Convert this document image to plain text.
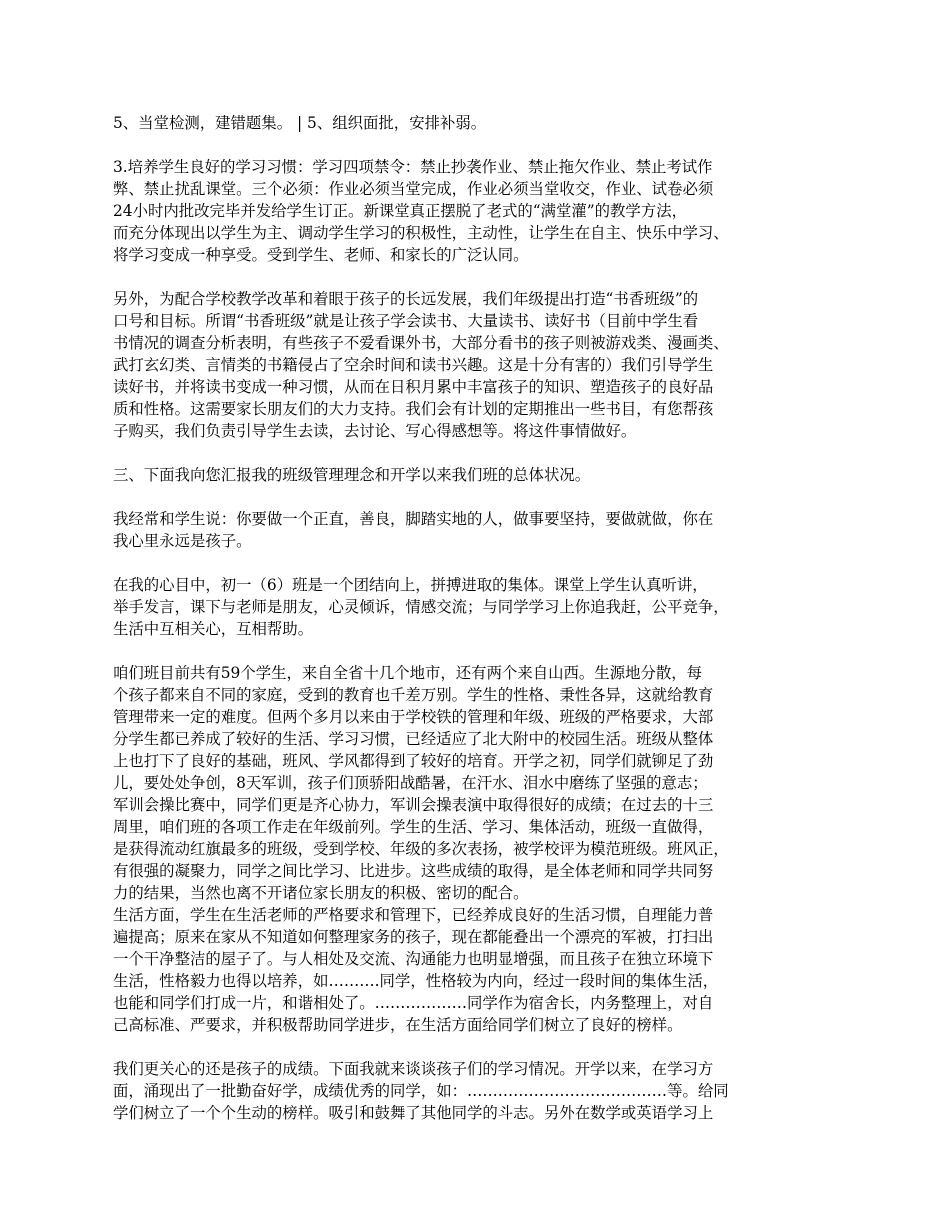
5、当堂检测，建错题集。 | 5、组织面批，安排补弱。
3.培养学生良好的学习习惯：学习四项禁令：禁止抄袭作业、禁止拖欠作业、禁止考试作
弊、禁止扰乱课堂。三个必须：作业必须当堂完成，作业必须当堂收交，作业、试卷必须
24小时内批改完毕并发给学生订正。新课堂真正摆脱了老式的“满堂灌”的教学方法，
而充分体现出以学生为主、调动学生学习的积极性，主动性，让学生在自主、快乐中学习、
将学习变成一种享受。受到学生、老师、和家长的广泛认同。
另外，为配合学校教学改革和着眼于孩子的长远发展，我们年级提出打造“书香班级”的
口号和目标。所谓“书香班级”就是让孩子学会读书、大量读书、读好书（目前中学生看
书情况的调查分析表明，有些孩子不爱看课外书，大部分看书的孩子则被游戏类、漫画类、
武打玄幻类、言情类的书籍侵占了空余时间和读书兴趣。这是十分有害的）我们引导学生
读好书，并将读书变成一种习惯，从而在日积月累中丰富孩子的知识、塑造孩子的良好品
质和性格。这需要家长朋友们的大力支持。我们会有计划的定期推出一些书目，有您帮孩
子购买，我们负责引导学生去读，去讨论、写心得感想等。将这件事情做好。
三、下面我向您汇报我的班级管理理念和开学以来我们班的总体状况。
我经常和学生说：你要做一个正直，善良，脚踏实地的人，做事要坚持，要做就做，你在
我心里永远是孩子。
在我的心目中，初一（6）班是一个团结向上，拼搏进取的集体。课堂上学生认真听讲，
举手发言，课下与老师是朋友，心灵倾诉，情感交流；与同学学习上你追我赶，公平竞争，
生活中互相关心，互相帮助。
咱们班目前共有59个学生，来自全省十几个地市，还有两个来自山西。生源地分散，每
个孩子都来自不同的家庭，受到的教育也千差万别。学生的性格、秉性各异，这就给教育
管理带来一定的难度。但两个多月以来由于学校铁的管理和年级、班级的严格要求，大部
分学生都已养成了较好的生活、学习习惯，已经适应了北大附中的校园生活。班级从整体
上也打下了良好的基础，班风、学风都得到了较好的培育。开学之初，同学们就铆足了劲
儿，要处处争创，8天军训，孩子们顶骄阳战酷暑，在汗水、泪水中磨练了坚强的意志；
军训会操比赛中，同学们更是齐心协力，军训会操表演中取得很好的成绩；在过去的十三
周里，咱们班的各项工作走在年级前列。学生的生活、学习、集体活动，班级一直做得，
是获得流动红旗最多的班级，受到学校、年级的多次表扬，被学校评为模范班级。班风正，
有很强的凝聚力，同学之间比学习、比进步。这些成绩的取得，是全体老师和同学共同努
力的结果，当然也离不开诸位家长朋友的积极、密切的配合。
生活方面，学生在生活老师的严格要求和管理下，已经养成良好的生活习惯，自理能力普
遍提高；原来在家从不知道如何整理家务的孩子，现在都能叠出一个漂亮的军被，打扫出
一个干净整洁的屋子了。与人相处及交流、沟通能力也明显增强，而且孩子在独立环境下
生活，性格毅力也得以培养，如……….同学，性格较为内向，经过一段时间的集体生活，
也能和同学们打成一片，和谐相处了。………………同学作为宿舍长，内务整理上，对自
己高标准、严要求，并积极帮助同学进步，在生活方面给同学们树立了良好的榜样。
我们更关心的还是孩子的成绩。下面我就来谈谈孩子们的学习情况。开学以来，在学习方
面，涌现出了一批勤奋好学，成绩优秀的同学，如：…………………………………等。给同
学们树立了一个个生动的榜样。吸引和鼓舞了其他同学的斗志。另外在数学或英语学习上
